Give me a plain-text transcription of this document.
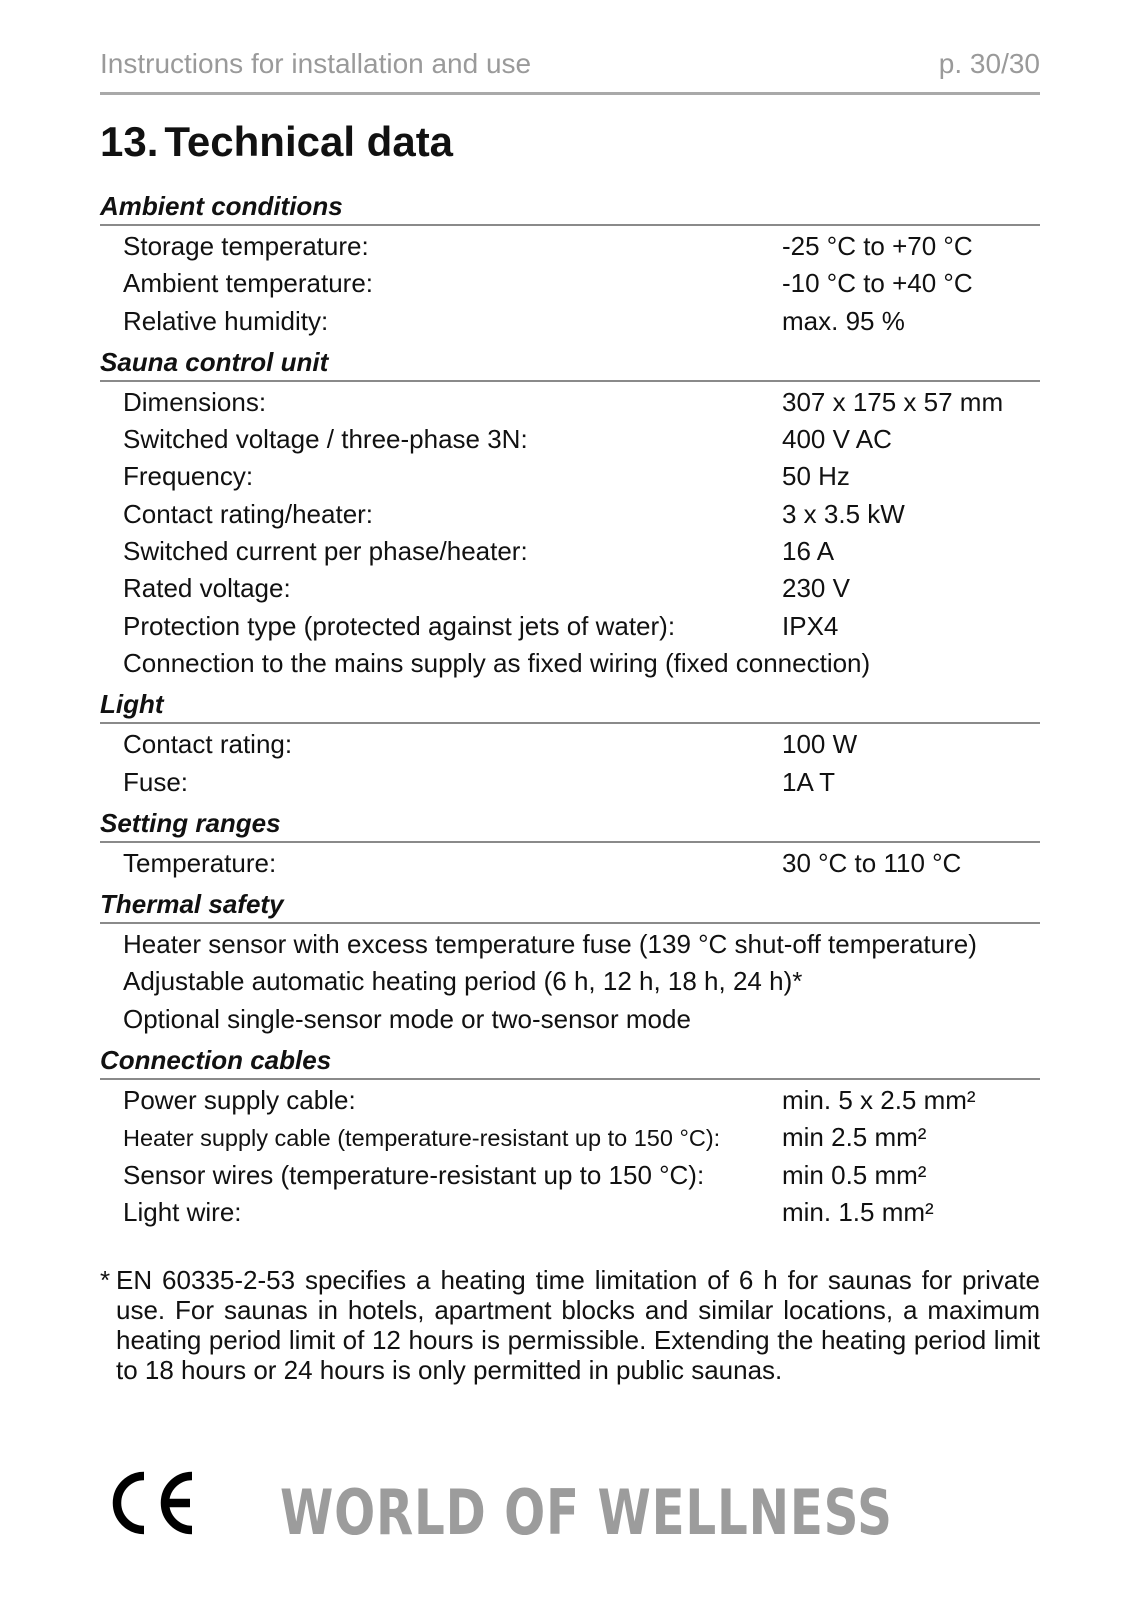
Instructions for installation and use	p. 30/30
13. Technical data
Ambient conditions
Storage temperature:	-25 °C to +70 °C
Ambient temperature:	-10 °C to +40 °C
Relative humidity:	max. 95 %
Sauna control unit
Dimensions:	307 x 175 x 57 mm
Switched voltage / three-phase 3N:	400 V AC
Frequency:	50 Hz
Contact rating/heater:	3 x 3.5 kW
Switched current per phase/heater:	16 A
Rated voltage:	230 V
Protection type (protected against jets of water):	IPX4
Connection to the mains supply as fixed wiring (fixed connection)
Light
Contact rating:	100 W
Fuse:	1A T
Setting ranges
Temperature:	30 °C to 110 °C
Thermal safety
Heater sensor with excess temperature fuse (139 °C shut-off temperature)
Adjustable automatic heating period (6 h, 12 h, 18 h, 24 h)*
Optional single-sensor mode or two-sensor mode
Connection cables
Power supply cable:	min. 5 x 2.5 mm²
Heater supply cable (temperature-resistant up to 150 °C): min 2.5 mm²
Sensor wires (temperature-resistant up to 150 °C):	min 0.5 mm²
Light wire:	min. 1.5 mm²
* EN 60335-2-53 specifies a heating time limitation of 6 h for saunas for private use. For saunas in hotels, apartment blocks and similar locations, a maximum heating period limit of 12 hours is permissible. Extending the heating period limit to 18 hours or 24 hours is only permitted in public saunas.
WORLD OF WELLNESS
